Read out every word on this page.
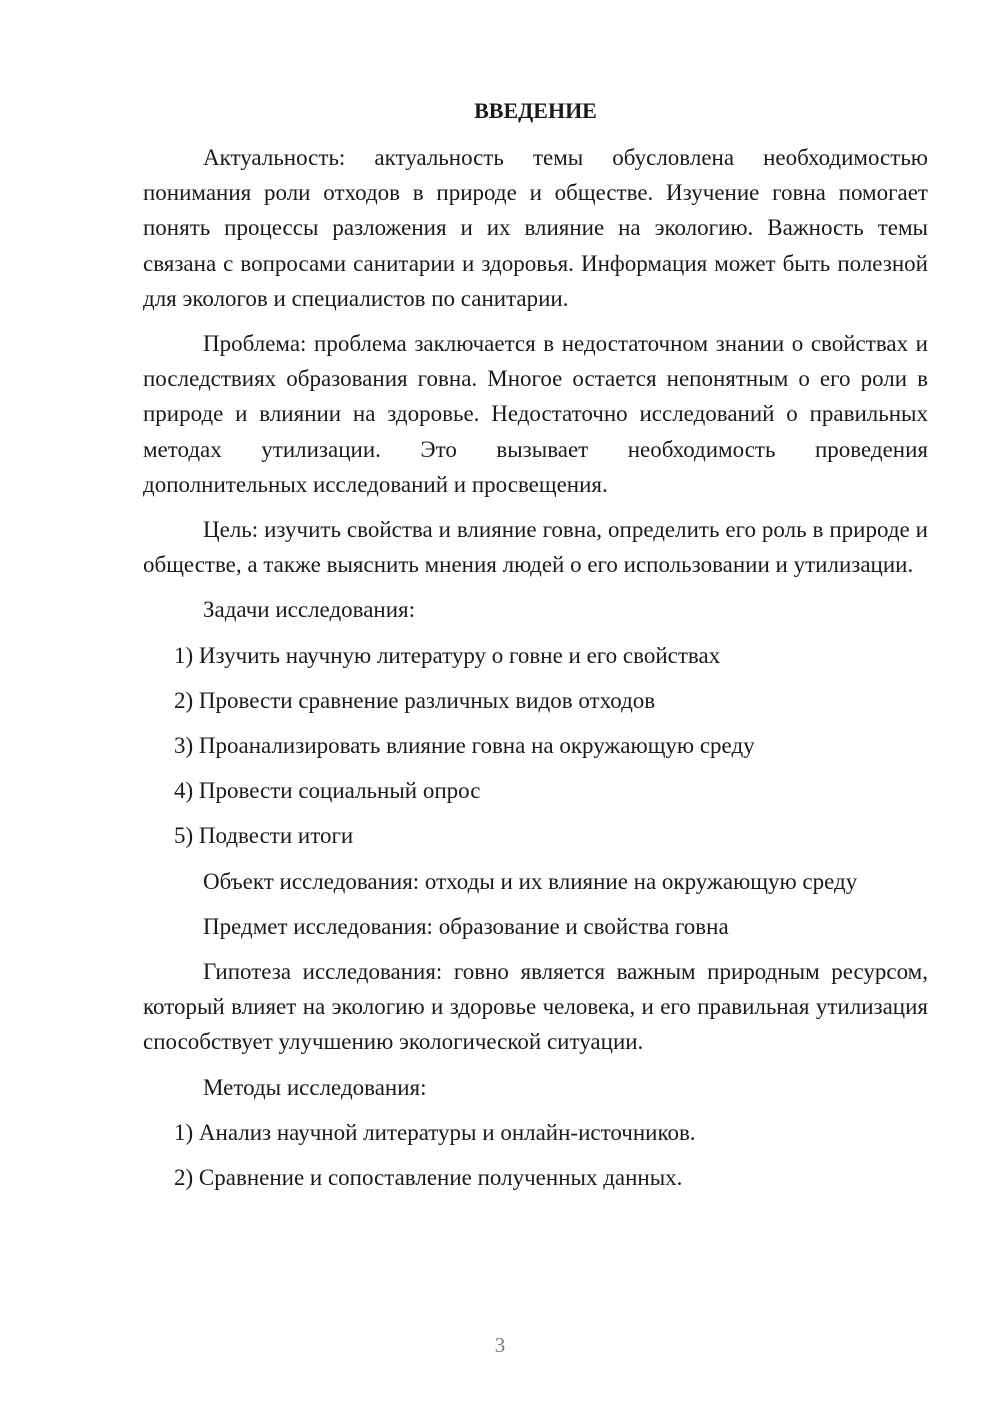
ВВЕДЕНИЕ

Актуальность: актуальность темы обусловлена необходимостью понимания роли отходов в природе и обществе. Изучение говна помогает понять процессы разложения и их влияние на экологию. Важность темы связана с вопросами санитарии и здоровья. Информация может быть полезной для экологов и специалистов по санитарии.

Проблема: проблема заключается в недостаточном знании о свойствах и последствиях образования говна. Многое остается непонятным о его роли в природе и влиянии на здоровье. Недостаточно исследований о правильных методах утилизации. Это вызывает необходимость проведения дополнительных исследований и просвещения.

Цель: изучить свойства и влияние говна, определить его роль в природе и обществе, а также выяснить мнения людей о его использовании и утилизации.

Задачи исследования:
1) Изучить научную литературу о говне и его свойствах
2) Провести сравнение различных видов отходов
3) Проанализировать влияние говна на окружающую среду
4) Провести социальный опрос
5) Подвести итоги
Объект исследования: отходы и их влияние на окружающую среду
Предмет исследования: образование и свойства говна

Гипотеза исследования: говно является важным природным ресурсом, который влияет на экологию и здоровье человека, и его правильная утилизация способствует улучшению экологической ситуации.

Методы исследования:
1) Анализ научной литературы и онлайн-источников.
2) Сравнение и сопоставление полученных данных.
3
